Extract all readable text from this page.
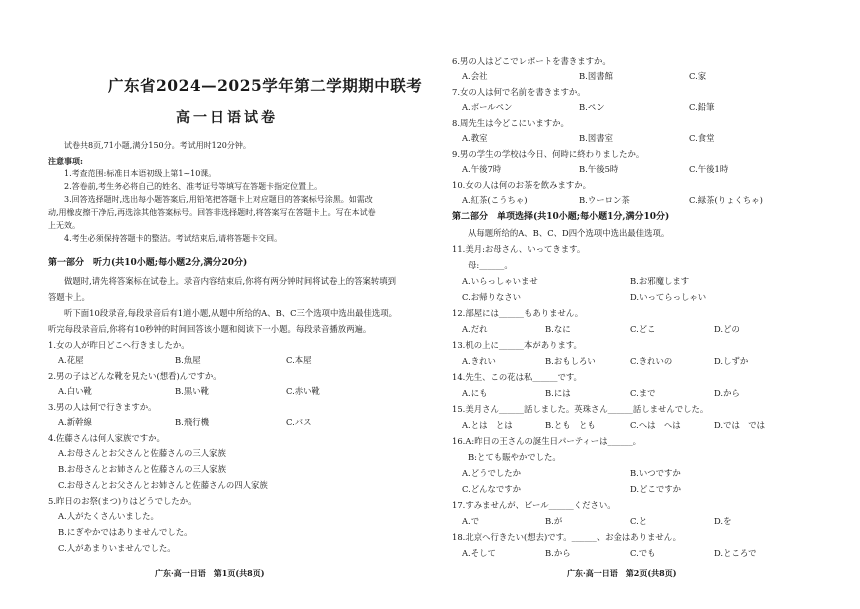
广东省2024—2025学年第二学期期中联考
高一日语试卷
试卷共8页,71小题,满分150分。考试用时120分钟。
注意事项:
1.考查范围:标准日本语初级上第1~10课。
2.答卷前,考生务必将自己的姓名、准考证号等填写在答题卡指定位置上。
3.回答选择题时,选出每小题答案后,用铅笔把答题卡上对应题目的答案标号涂黑。如需改
动,用橡皮擦干净后,再选涂其他答案标号。回答非选择题时,将答案写在答题卡上。写在本试卷
上无效。
4.考生必须保持答题卡的整洁。考试结束后,请将答题卡交回。
第一部分　听力(共10小题;每小题2分,满分20分)
做题时,请先将答案标在试卷上。录音内容结束后,你将有两分钟时间将试卷上的答案转填到
答题卡上。
听下面10段录音,每段录音后有1道小题,从题中所给的A、B、C三个选项中选出最佳选项。
听完每段录音后,你将有10秒钟的时间回答该小题和阅读下一小题。每段录音播放两遍。
1.女の人が昨日どこへ行きましたか。
A.花屋	B.魚屋	C.本屋
2.男の子はどんな靴を見たい(想看)んですか。
A.白い靴	B.黒い靴	C.赤い靴
3.男の人は何で行きますか。
A.新幹線	B.飛行機	C.バス
4.佐藤さんは何人家族ですか。
A.お母さんとお父さんと佐藤さんの三人家族
B.お母さんとお姉さんと佐藤さんの三人家族
C.お母さんとお父さんとお姉さんと佐藤さんの四人家族
5.昨日のお祭(まつ)りはどうでしたか。
A.人がたくさんいました。
B.にぎやかではありませんでした。
C.人があまりいませんでした。
广东·高一日语　第1页(共8页)
6.男の人はどこでレポートを書きますか。
A.会社	B.図書館	C.家
7.女の人は何で名前を書きますか。
A.ボールペン	B.ペン	C.鉛筆
8.周先生は今どこにいますか。
A.教室	B.図書室	C.食堂
9.男の学生の学校は今日、何時に終わりましたか。
A.午後7時	B.午後5時	C.午後1時
10.女の人は何のお茶を飲みますか。
A.紅茶(こうちゃ)	B.ウーロン茶	C.緑茶(りょくちゃ)
第二部分　单项选择(共10小题;每小题1分,满分10分)
从每题所给的A、B、C、D四个选项中选出最佳选项。
11.美月:お母さん、いってきます。
母:______。
A.いらっしゃいませ	B.お邪魔します
C.お帰りなさい	D.いってらっしゃい
12.部屋には______もありません。
A.だれ	B.なに	C.どこ	D.どの
13.机の上に______本があります。
A.きれい	B.おもしろい	C.きれいの	D.しずか
14.先生、この花は私______です。
A.にも	B.には	C.まで	D.から
15.美月さん______話しました。英珠さん______話しませんでした。
A.とは　とは	B.とも　とも	C.へは　へは	D.では　では
16.A:昨日の王さんの誕生日パーティーは______。
B:とても賑やかでした。
A.どうでしたか	B.いつですか
C.どんなですか	D.どこですか
17.すみませんが、ビール______ください。
A.で	B.が	C.と	D.を
18.北京へ行きたい(想去)です。______、お金はありません。
A.そして	B.から	C.でも	D.ところで
广东·高一日语　第2页(共8页)
